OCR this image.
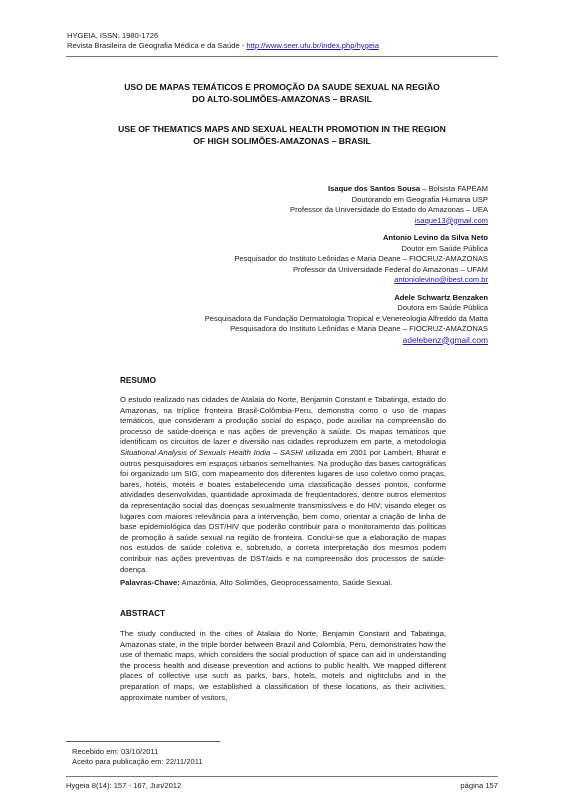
HYGEIA, ISSN: 1980-1726
Revista Brasileira de Geografia Médica e da Saúde - http://www.seer.ufu.br/index.php/hygeia
USO DE MAPAS TEMÁTICOS E PROMOÇÃO DA SAUDE SEXUAL NA REGIÃO
DO ALTO-SOLIMÕES-AMAZONAS – BRASIL
USE OF THEMATICS MAPS AND SEXUAL HEALTH PROMOTION IN THE REGION
OF HIGH SOLIMÕES-AMAZONAS – BRASIL
Isaque dos Santos Sousa – Bolsista FAPEAM
Doutorando em Geografia Humana USP
Professor da Universidade do Estado do Amazonas – UEA
isaque13@gmail.com
Antonio Levino da Silva Neto
Doutor em Saúde Pública
Pesquisador do Instituto Leônidas e Maria Deane – FIOCRUZ-AMAZONAS
Professor da Universidade Federal do Amazonas – UFAM
antoniolevino@ibest.com.br
Adele Schwartz Benzaken
Doutora em Saúde Pública
Pesquisadora da Fundação Dermatologia Tropical e Venereologia Alfreddo da Matta
Pesquisadora do Instituto Leônidas e Maria Deane – FIOCRUZ-AMAZONAS
adelebenz@gmail.com
RESUMO
O estudo realizado nas cidades de Atalaia do Norte, Benjamin Constant e Tabatinga, estado do Amazonas, na tríplice fronteira Brasil-Colômbia-Peru, demonstra como o uso de mapas temáticos, que consideram a produção social do espaço, pode auxiliar na compreensão do processo de saúde-doença e nas ações de prevenção à saúde. Os mapas temáticos que identificam os circuitos de lazer e diversão nas cidades reproduzem em parte, a metodologia Situational Analysis of Sexuals Health India – SASHI utilizada em 2001 por Lambert, Bharat e outros pesquisadores em espaços urbanos semelhantes. Na produção das bases cartográficas foi organizado um SIG, com mapeamento dos diferentes lugares de uso coletivo como praças, bares, hotéis, motéis e boates estabelecendo uma classificação desses pontos, conforme atividades desenvolvidas, quantidade aproximada de freqüentadores, dentre outros elementos da representação social das doenças sexualmente transmissíveis e do HIV; visando eleger os lugares com maiores relevância para a intervenção, bem como, orientar a criação de linha de base epidemiológica das DST/HIV que poderão contribuir para o monitoramento das políticas de promoção à saúde sexual na região de fronteira. Conclui-se que a elaboração de mapas nos estudos de saúde coletiva e, sobretudo, a correta interpretação dos mesmos podem contribuir nas ações preventivas de DST/aids e na compreensão dos processos de saúde-doença.
Palavras-Chave: Amazônia, Alto Solimões, Geoprocessamento, Saúde Sexual.
ABSTRACT
The study conducted in the cities of Atalaia do Norte, Benjamin Constant and Tabatinga, Amazonas state, in the triple border between Brazil and Colombia, Peru, demonstrates how the use of thematic maps, which considers the social production of space can aid in understanding the process health and disease prevention and actions to public health. We mapped different places of collective use such as parks, bars, hotels, motels and nightclubs and in the preparation of maps, we established a classification of these locations, as their activities, approximate number of visitors,
Recebido em: 03/10/2011
Aceito para publicação em: 22/11/2011
Hygeia 8(14): 157 - 167, Jun/2012	página 157
